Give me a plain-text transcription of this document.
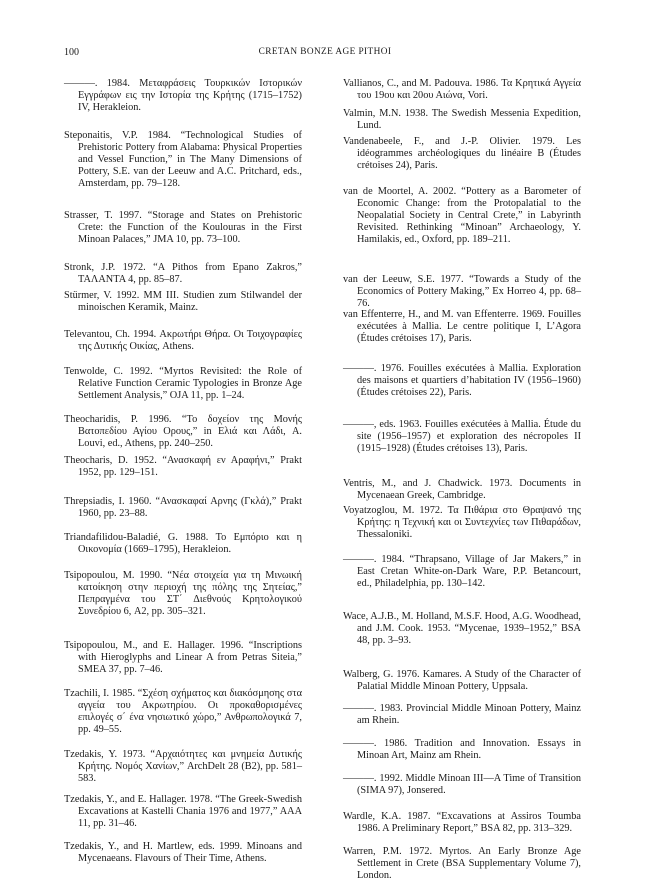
100	CRETAN BONZE AGE PITHOI
———. 1984. Μεταφράσεις Τουρκικών Ιστορικών Εγγράφων εις την Ιστορία της Κρήτης (1715–1752) IV, Herakleion.
Steponaitis, V.P. 1984. “Technological Studies of Prehistoric Pottery from Alabama: Physical Properties and Vessel Function,” in The Many Dimensions of Pottery, S.E. van der Leeuw and A.C. Pritchard, eds., Amsterdam, pp. 79–128.
Strasser, T. 1997. “Storage and States on Prehistoric Crete: the Function of the Koulouras in the First Minoan Palaces,” JMA 10, pp. 73–100.
Stronk, J.P. 1972. “A Pithos from Epano Zakros,” ΤΑΛΑΝΤΑ 4, pp. 85–87.
Stürmer, V. 1992. MM III. Studien zum Stilwandel der minoischen Keramik, Mainz.
Televantou, Ch. 1994. Ακρωτήρι Θήρα. Οι Τοιχογραφίες της Δυτικής Οικίας, Athens.
Tenwolde, C. 1992. “Myrtos Revisited: the Role of Relative Function Ceramic Typologies in Bronze Age Settlement Analysis,” OJA 11, pp. 1–24.
Theocharidis, P. 1996. “Το δοχείον της Μονής Βατοπεδίου Αγίου Ορους,” in Ελιά και Λάδι, A. Louvi, ed., Athens, pp. 240–250.
Theocharis, D. 1952. “Ανασκαφή εν Αραφήνι,” Prakt 1952, pp. 129–151.
Threpsiadis, I. 1960. “Ανασκαφαί Αρνης (Γκλά),” Prakt 1960, pp. 23–88.
Triandafilidou-Baladié, G. 1988. Το Εμπόριο και η Οικονομία (1669–1795), Herakleion.
Tsipopoulou, M. 1990. “Νέα στοιχεία για τη Μινωική κατοίκηση στην περιοχή της πόλης της Σητείας,” Πεπραγμένα του ΣΤ΄ Διεθνούς Κρητολογικού Συνεδρίου 6, A2, pp. 305–321.
Tsipopoulou, M., and E. Hallager. 1996. “Inscriptions with Hieroglyphs and Linear A from Petras Siteia,” SMEA 37, pp. 7–46.
Tzachili, I. 1985. “Σχέση σχήματος και διακόσμησης στα αγγεία του Ακρωτηρίου. Οι προκαθορισμένες επιλογές σ΄ ένα νησιωτικό χώρο,” Ανθρωπολογικά 7, pp. 49–55.
Tzedakis, Y. 1973. “Αρχαιότητες και μνημεία Δυτικής Κρήτης. Νομός Χανίων,” ArchDelt 28 (B2), pp. 581–583.
Tzedakis, Y., and E. Hallager. 1978. “The Greek-Swedish Excavations at Kastelli Chania 1976 and 1977,” AAA 11, pp. 31–46.
Tzedakis, Y., and H. Martlew, eds. 1999. Minoans and Mycenaeans. Flavours of Their Time, Athens.
Vallianos, C., and M. Padouva. 1986. Τα Κρητικά Αγγεία του 19ου και 20ου Αιώνα, Vori.
Valmin, M.N. 1938. The Swedish Messenia Expedition, Lund.
Vandenabeele, F., and J.-P. Olivier. 1979. Les idéogrammes archéologiques du linéaire B (Études crétoises 24), Paris.
van de Moortel, A. 2002. “Pottery as a Barometer of Economic Change: from the Protopalatial to the Neopalatial Society in Central Crete,” in Labyrinth Revisited. Rethinking “Minoan” Archaeology, Y. Hamilakis, ed., Oxford, pp. 189–211.
van der Leeuw, S.E. 1977. “Towards a Study of the Economics of Pottery Making,” Ex Horreo 4, pp. 68–76.
van Effenterre, H., and M. van Effenterre. 1969. Fouilles exécutées à Mallia. Le centre politique I, L’Agora (Études crétoises 17), Paris.
———. 1976. Fouilles exécutées à Mallia. Exploration des maisons et quartiers d’habitation IV (1956–1960) (Études crétoises 22), Paris.
———, eds. 1963. Fouilles exécutées à Mallia. Étude du site (1956–1957) et exploration des nécropoles II (1915–1928) (Études crétoises 13), Paris.
Ventris, M., and J. Chadwick. 1973. Documents in Mycenaean Greek, Cambridge.
Voyatzoglou, M. 1972. Τα Πιθάρια στο Θραψανό της Κρήτης: η Τεχνική και οι Συντεχνίες των Πιθαράδων, Thessaloniki.
———. 1984. “Thrapsano, Village of Jar Makers,” in East Cretan White-on-Dark Ware, P.P. Betancourt, ed., Philadelphia, pp. 130–142.
Wace, A.J.B., M. Holland, M.S.F. Hood, A.G. Woodhead, and J.M. Cook. 1953. “Mycenae, 1939–1952,” BSA 48, pp. 3–93.
Walberg, G. 1976. Kamares. A Study of the Character of Palatial Middle Minoan Pottery, Uppsala.
———. 1983. Provincial Middle Minoan Pottery, Mainz am Rhein.
———. 1986. Tradition and Innovation. Essays in Minoan Art, Mainz am Rhein.
———. 1992. Middle Minoan III—A Time of Transition (SIMA 97), Jonsered.
Wardle, K.A. 1987. “Excavations at Assiros Toumba 1986. A Preliminary Report,” BSA 82, pp. 313–329.
Warren, P.M. 1972. Myrtos. An Early Bronze Age Settlement in Crete (BSA Supplementary Volume 7), London.
